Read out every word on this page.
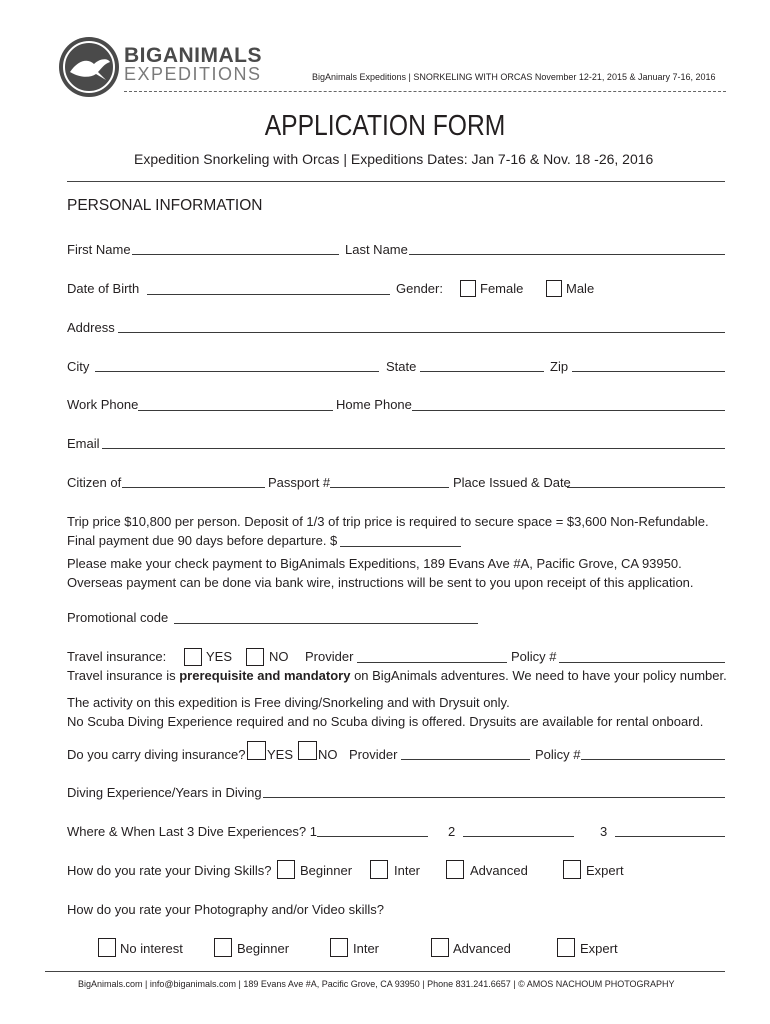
BIGANIMALS
EXPEDITIONS	BigAnimals Expeditions | SNORKELING WITH ORCAS November 12-21, 2015 & January 7-16, 2016
APPLICATION FORM
Expedition Snorkeling with Orcas | Expeditions Dates: Jan 7-16 & Nov. 18 -26, 2016
PERSONAL INFORMATION
First Name	Last Name
Date of Birth	Gender:	Female	Male
Address
City	State	Zip
Work Phone	Home Phone
Email
Citizen of	Passport #	Place Issued & Date
Trip price $10,800 per person. Deposit of 1/3 of trip price is required to secure space = $3,600 Non-Refundable.
Final payment due 90 days before departure. $
Please make your check payment to BigAnimals Expeditions, 189 Evans Ave #A, Pacific Grove, CA 93950.
Overseas payment can be done via bank wire, instructions will be sent to you upon receipt of this application.
Promotional code
Travel insurance:	YES	NO Provider	Policy #
Travel insurance is prerequisite and mandatory on BigAnimals adventures. We need to have your policy number.
The activity on this expedition is Free diving/Snorkeling and with Drysuit only.
No Scuba Diving Experience required and no Scuba diving is offered. Drysuits are available for rental onboard.
Do you carry diving insurance? YES NO Provider	Policy #
Diving Experience/Years in Diving
Where & When Last 3 Dive Experiences? 1	2	3
How do you rate your Diving Skills? Beginner	Inter	Advanced	Expert
How do you rate your Photography and/or Video skills?
No interest	Beginner	Inter	Advanced	Expert
BigAnimals.com | info@biganimals.com | 189 Evans Ave #A, Pacific Grove, CA 93950 | Phone 831.241.6657 | © AMOS NACHOUM PHOTOGRAPHY
